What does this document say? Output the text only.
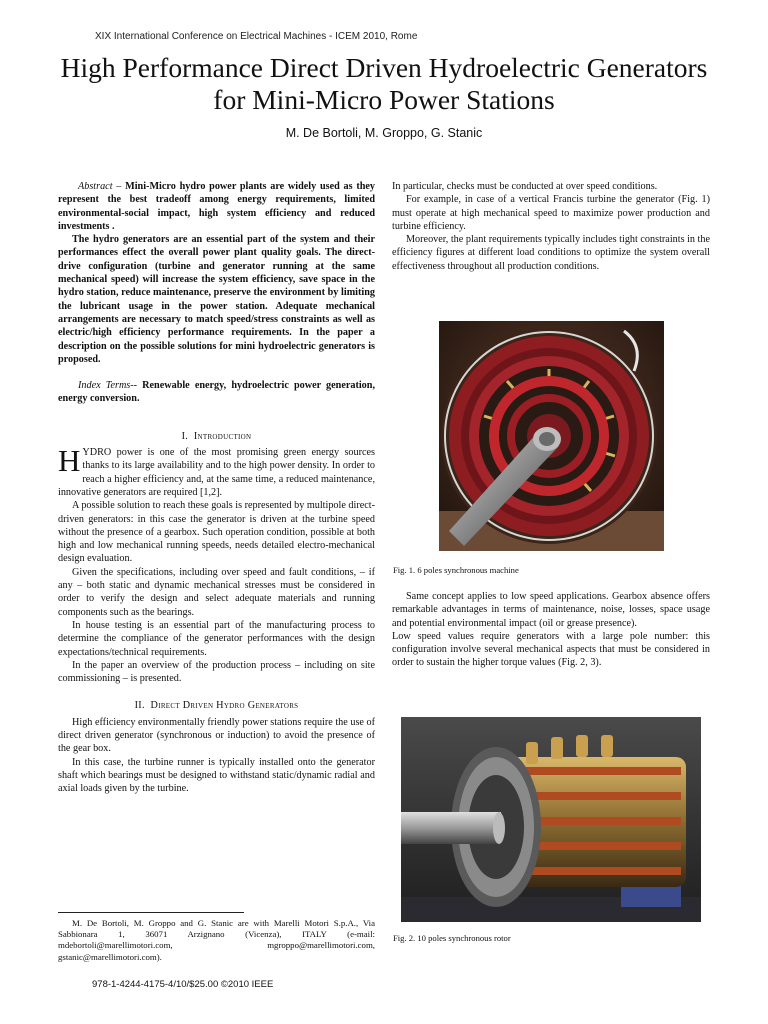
XIX International Conference on Electrical Machines - ICEM 2010, Rome
High Performance Direct Driven Hydroelectric Generators for Mini-Micro Power Stations
M. De Bortoli, M. Groppo, G. Stanic

Abstract – Mini-Micro hydro power plants are widely used as they represent the best tradeoff among energy requirements, limited environmental-social impact, high system efficiency and reduced investments .

The hydro generators are an essential part of the system and their performances effect the overall power plant quality goals. The direct-drive configuration (turbine and generator running at the same mechanical speed) will increase the system efficiency, save space in the hydro station, reduce maintenance, preserve the environment by limiting the lubricant usage in the power station. Adequate mechanical arrangements are necessary to match speed/stress constraints as well as electric/high efficiency performance requirements. In the paper a description on the possible solutions for mini hydroelectric generators is proposed.

Index Terms-- Renewable energy, hydroelectric power generation, energy conversion.

I. Introduction

HYDRO power is one of the most promising green energy sources thanks to its large availability and to the high power density. In order to reach a higher efficiency and, at the same time, a reduced maintenance, innovative generators are required [1,2].

A possible solution to reach these goals is represented by multipole direct-driven generators: in this case the generator is driven at the turbine speed without the presence of a gearbox. Such operation condition, possible at both high and low mechanical running speeds, needs detailed electro-mechanical design evaluation.

Given the specifications, including over speed and fault conditions, – if any – both static and dynamic mechanical stresses must be considered in order to verify the design and select adequate materials and running components such as the bearings.

In house testing is an essential part of the manufacturing process to determine the compliance of the generator performances with the design expectations/technical requirements.

In the paper an overview of the production process – including on site commissioning – is presented.

II. Direct Driven Hydro Generators

High efficiency environmentally friendly power stations require the use of direct driven generator (synchronous or induction) to avoid the presence of the gear box.

In this case, the turbine runner is typically installed onto the generator shaft which bearings must be designed to withstand static/dynamic radial and axial loads given by the turbine.

In particular, checks must be conducted at over speed conditions.

For example, in case of a vertical Francis turbine the generator (Fig. 1) must operate at high mechanical speed to maximize power production and turbine efficiency.

Moreover, the plant requirements typically includes tight constraints in the efficiency figures at different load conditions to optimize the system overall effectiveness throughout all production conditions.

Fig. 1. 6 poles synchronous machine

Same concept applies to low speed applications. Gearbox absence offers remarkable advantages in terms of maintenance, noise, losses, space usage and potential environmental impact (oil or grease presence).

Low speed values require generators with a large pole number: this configuration involve several mechanical aspects that must be considered in order to sustain the higher torque values (Fig. 2, 3).

Fig. 2. 10 poles synchronous rotor

M. De Bortoli, M. Groppo and G. Stanic are with Marelli Motori S.p.A., Via Sabbionara 1, 36071 Arzignano (Vicenza), ITALY (e-mail: mdebortoli@marellimotori.com, mgroppo@marellimotori.com, gstanic@marellimotori.com).

978-1-4244-4175-4/10/$25.00 ©2010 IEEE
